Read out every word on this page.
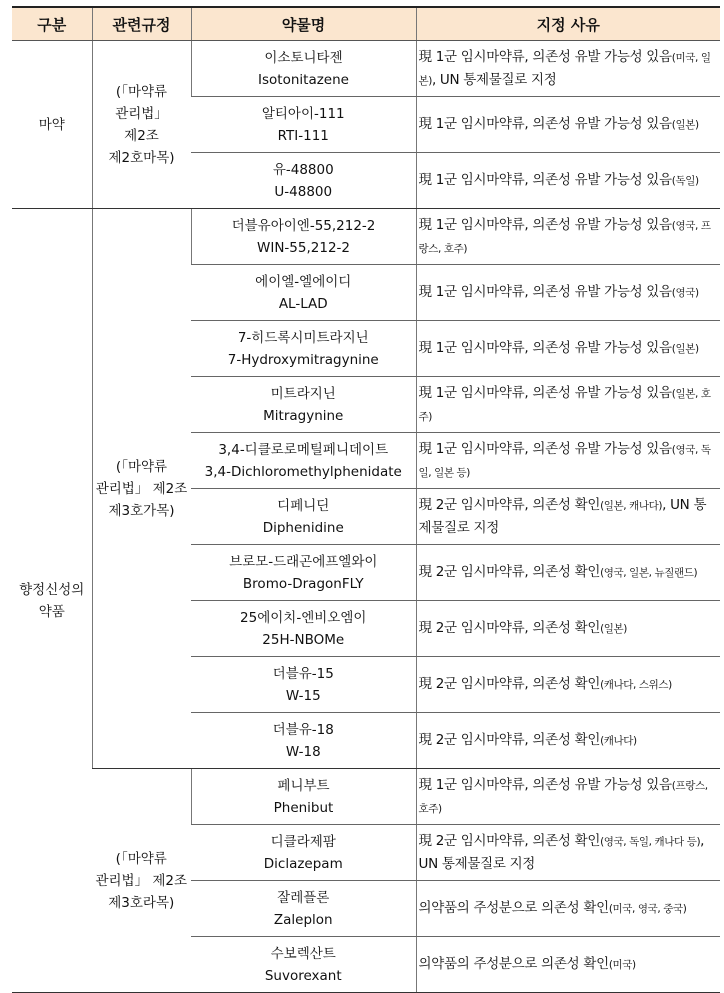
구분	관련규정	약물명	지정 사유
마약	(「마약류
관리법」
제2조
제2호마목)	이소토니타젠
Isotonitazene	現 1군 임시마약류, 의존성 유발 가능성 있음(미국, 일본), UN 통제물질로 지정

		알티아이-111
RTI-111	現 1군 임시마약류, 의존성 유발 가능성 있음(일본)

		유-48800
U-48800	現 1군 임시마약류, 의존성 유발 가능성 있음(독일)

향정신성의
약품	(「마약류
관리법」 제2조
제3호가목)	더블유아이엔-55,212-2
WIN-55,212-2	現 1군 임시마약류, 의존성 유발 가능성 있음(영국, 프랑스, 호주)

		에이엘-엘에이디
AL-LAD	現 1군 임시마약류, 의존성 유발 가능성 있음(영국)

		7-히드록시미트라지닌
7-Hydroxymitragynine	現 1군 임시마약류, 의존성 유발 가능성 있음(일본)

		미트라지닌
Mitragynine	現 1군 임시마약류, 의존성 유발 가능성 있음(일본, 호주)

		3,4-디클로로메틸페니데이트
3,4-Dichloromethylphenidate	現 1군 임시마약류, 의존성 유발 가능성 있음(영국, 독일, 일본 등)

		디페니딘
Diphenidine	現 2군 임시마약류, 의존성 확인(일본, 캐나다), UN 통제물질로 지정

		브로모-드래곤에프엘와이
Bromo-DragonFLY	現 2군 임시마약류, 의존성 확인(영국, 일본, 뉴질랜드)

		25에이치-엔비오엠이
25H-NBOMe	現 2군 임시마약류, 의존성 확인(일본)

		더블유-15
W-15	現 2군 임시마약류, 의존성 확인(캐나다, 스위스)

		더블유-18
W-18	現 2군 임시마약류, 의존성 확인(캐나다)

	(「마약류
관리법」 제2조
제3호라목)	페니부트
Phenibut	現 1군 임시마약류, 의존성 유발 가능성 있음(프랑스, 호주)

		디클라제팜
Diclazepam	現 2군 임시마약류, 의존성 확인(영국, 독일, 캐나다 등), UN 통제물질로 지정

		잘레플론
Zaleplon	의약품의 주성분으로 의존성 확인(미국, 영국, 중국)

		수보렉산트
Suvorexant	의약품의 주성분으로 의존성 확인(미국)
